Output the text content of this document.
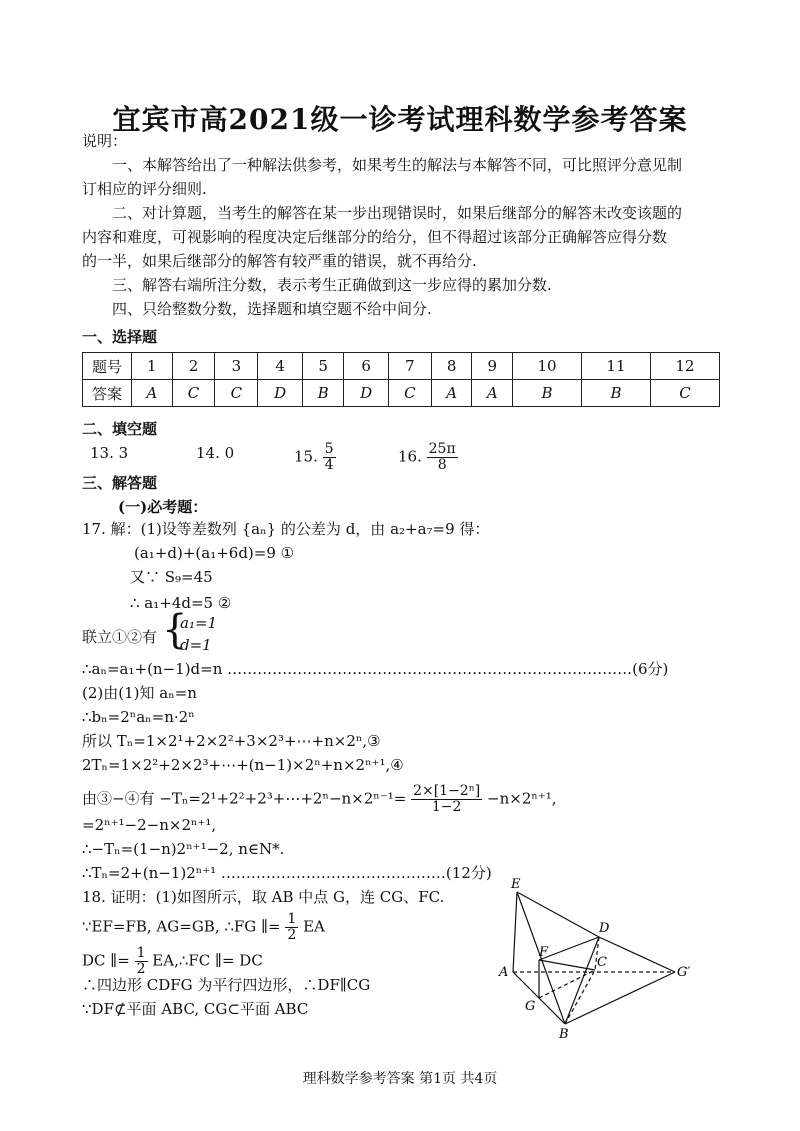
宜宾市高2021级一诊考试理科数学参考答案
说明：
一、本解答给出了一种解法供参考，如果考生的解法与本解答不同，可比照评分意见制
订相应的评分细则.
二、对计算题，当考生的解答在某一步出现错误时，如果后继部分的解答未改变该题的
内容和难度，可视影响的程度决定后继部分的给分，但不得超过该部分正确解答应得分数
的一半，如果后继部分的解答有较严重的错误，就不再给分.
三、解答右端所注分数，表示考生正确做到这一步应得的累加分数.
四、只给整数分数，选择题和填空题不给中间分.
一、选择题
题号	1	2	3	4	5	6	7	8	9	10	11	12
答案	A	C	C	D	B	D	C	A	A	B	B	C
二、填空题
13. 3	14. 0	15. $\frac{5}{4}$	16. $\frac{25\pi}{8}$
三、解答题
(一)必考题：
17. 解：(1)设等差数列 {aₙ} 的公差为 d，由 a₂+a₇=9 得：
(a₁+d)+(a₁+6d)=9 ①
又∵ S₉=45
∴ a₁+4d=5 ②
联立①②有 {
a₁=1
d=1
∴aₙ=a₁+(n−1)d=n ………………………………………………………………………(6分)
(2)由(1)知 aₙ=n
∴bₙ=2ⁿaₙ=n·2ⁿ
所以 Tₙ=1×2¹+2×2²+3×2³+⋯+n×2ⁿ,③
2Tₙ=1×2²+2×2³+⋯+(n−1)×2ⁿ+n×2ⁿ⁺¹,④
由③−④有 −Tₙ=2¹+2²+2³+⋯+2ⁿ−n×2ⁿ⁻¹= $\frac{\text{2×[1−2ⁿ]}}{1-2} -n\times 2^{n+1}$,
=2ⁿ⁺¹−2−n×2ⁿ⁺¹,
∴−Tₙ=(1−n)2ⁿ⁺¹−2, n∈N*.
∴Tₙ=2+(n−1)2ⁿ⁺¹ ………………………………………(12分)
18. 证明：(1)如图所示，取 AB 中点 G，连 CG、FC.
∵EF=FB, AG=GB, ∴FG ∥= $\frac{1}{2}$ EA
DC ∥= $\frac{1}{2}$ EA,∴FC ∥= DC
∴四边形 CDFG 为平行四边形，∴DF∥CG
∵DF⊄平面 ABC, CG⊂平面 ABC
E
D
F
C
A	G′
G
B
理科数学参考答案 第1页 共4页
